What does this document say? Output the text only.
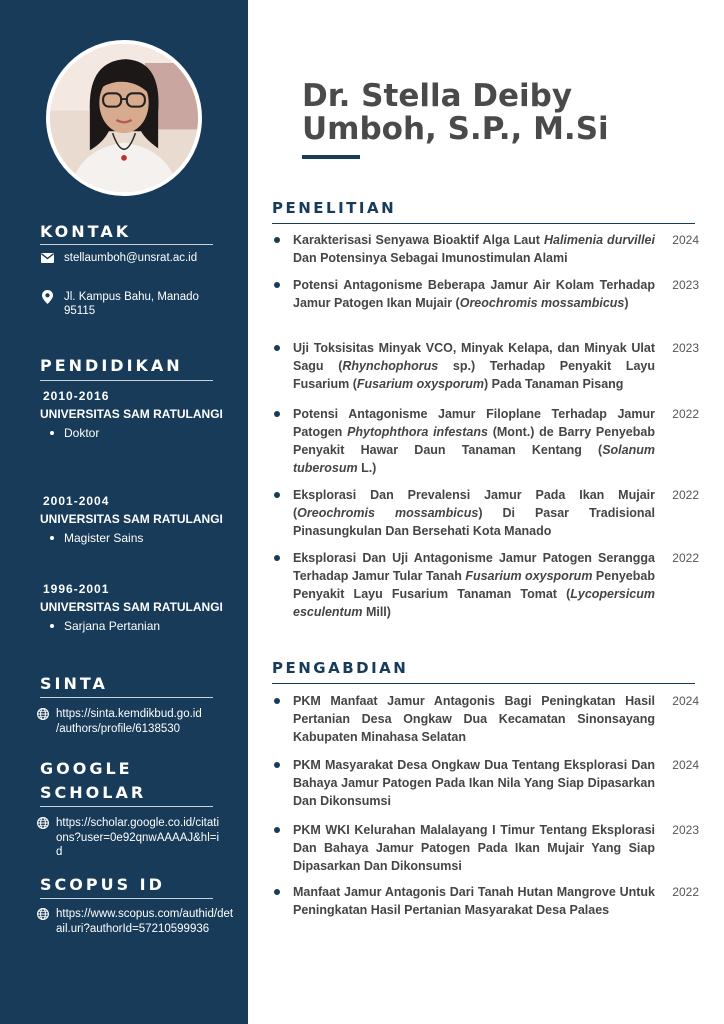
KONTAK
stellaumboh@unsrat.ac.id
Jl. Kampus Bahu, Manado 95115
PENDIDIKAN
2010-2016
UNIVERSITAS SAM RATULANGI
Doktor
2001-2004
UNIVERSITAS SAM RATULANGI
Magister Sains
1996-2001
UNIVERSITAS SAM RATULANGI
Sarjana Pertanian
SINTA
https://sinta.kemdikbud.go.id
/authors/profile/6138530
GOOGLE SCHOLAR
https://scholar.google.co.id/citations?user=0e92qnwAAAAJ&hl=id
SCOPUS ID
https://www.scopus.com/authid/detail.uri?authorId=57210599936
Dr. Stella Deiby
Umboh, S.P., M.Si
PENELITIAN
Karakterisasi Senyawa Bioaktif Alga Laut Halimenia durvillei Dan Potensinya Sebagai Imunostimulan Alami
2024
Potensi Antagonisme Beberapa Jamur Air Kolam Terhadap Jamur Patogen Ikan Mujair (Oreochromis mossambicus)
2023
Uji Toksisitas Minyak VCO, Minyak Kelapa, dan Minyak Ulat Sagu (Rhynchophorus sp.) Terhadap Penyakit Layu Fusarium (Fusarium oxysporum) Pada Tanaman Pisang
2023
Potensi Antagonisme Jamur Filoplane Terhadap Jamur Patogen Phytophthora infestans (Mont.) de Barry Penyebab Penyakit Hawar Daun Tanaman Kentang (Solanum tuberosum L.)
2022
Eksplorasi Dan Prevalensi Jamur Pada Ikan Mujair (Oreochromis mossambicus) Di Pasar Tradisional Pinasungkulan Dan Bersehati Kota Manado
2022
Eksplorasi Dan Uji Antagonisme Jamur Patogen Serangga Terhadap Jamur Tular Tanah Fusarium oxysporum Penyebab Penyakit Layu Fusarium Tanaman Tomat (Lycopersicum esculentum Mill)
2022
PENGABDIAN
PKM Manfaat Jamur Antagonis Bagi Peningkatan Hasil Pertanian Desa Ongkaw Dua Kecamatan Sinonsayang Kabupaten Minahasa Selatan
2024
PKM Masyarakat Desa Ongkaw Dua Tentang Eksplorasi Dan Bahaya Jamur Patogen Pada Ikan Nila Yang Siap Dipasarkan Dan Dikonsumsi
2024
PKM WKI Kelurahan Malalayang I Timur Tentang Eksplorasi Dan Bahaya Jamur Patogen Pada Ikan Mujair Yang Siap Dipasarkan Dan Dikonsumsi
2023
Manfaat Jamur Antagonis Dari Tanah Hutan Mangrove Untuk Peningkatan Hasil Pertanian Masyarakat Desa Palaes
2022
